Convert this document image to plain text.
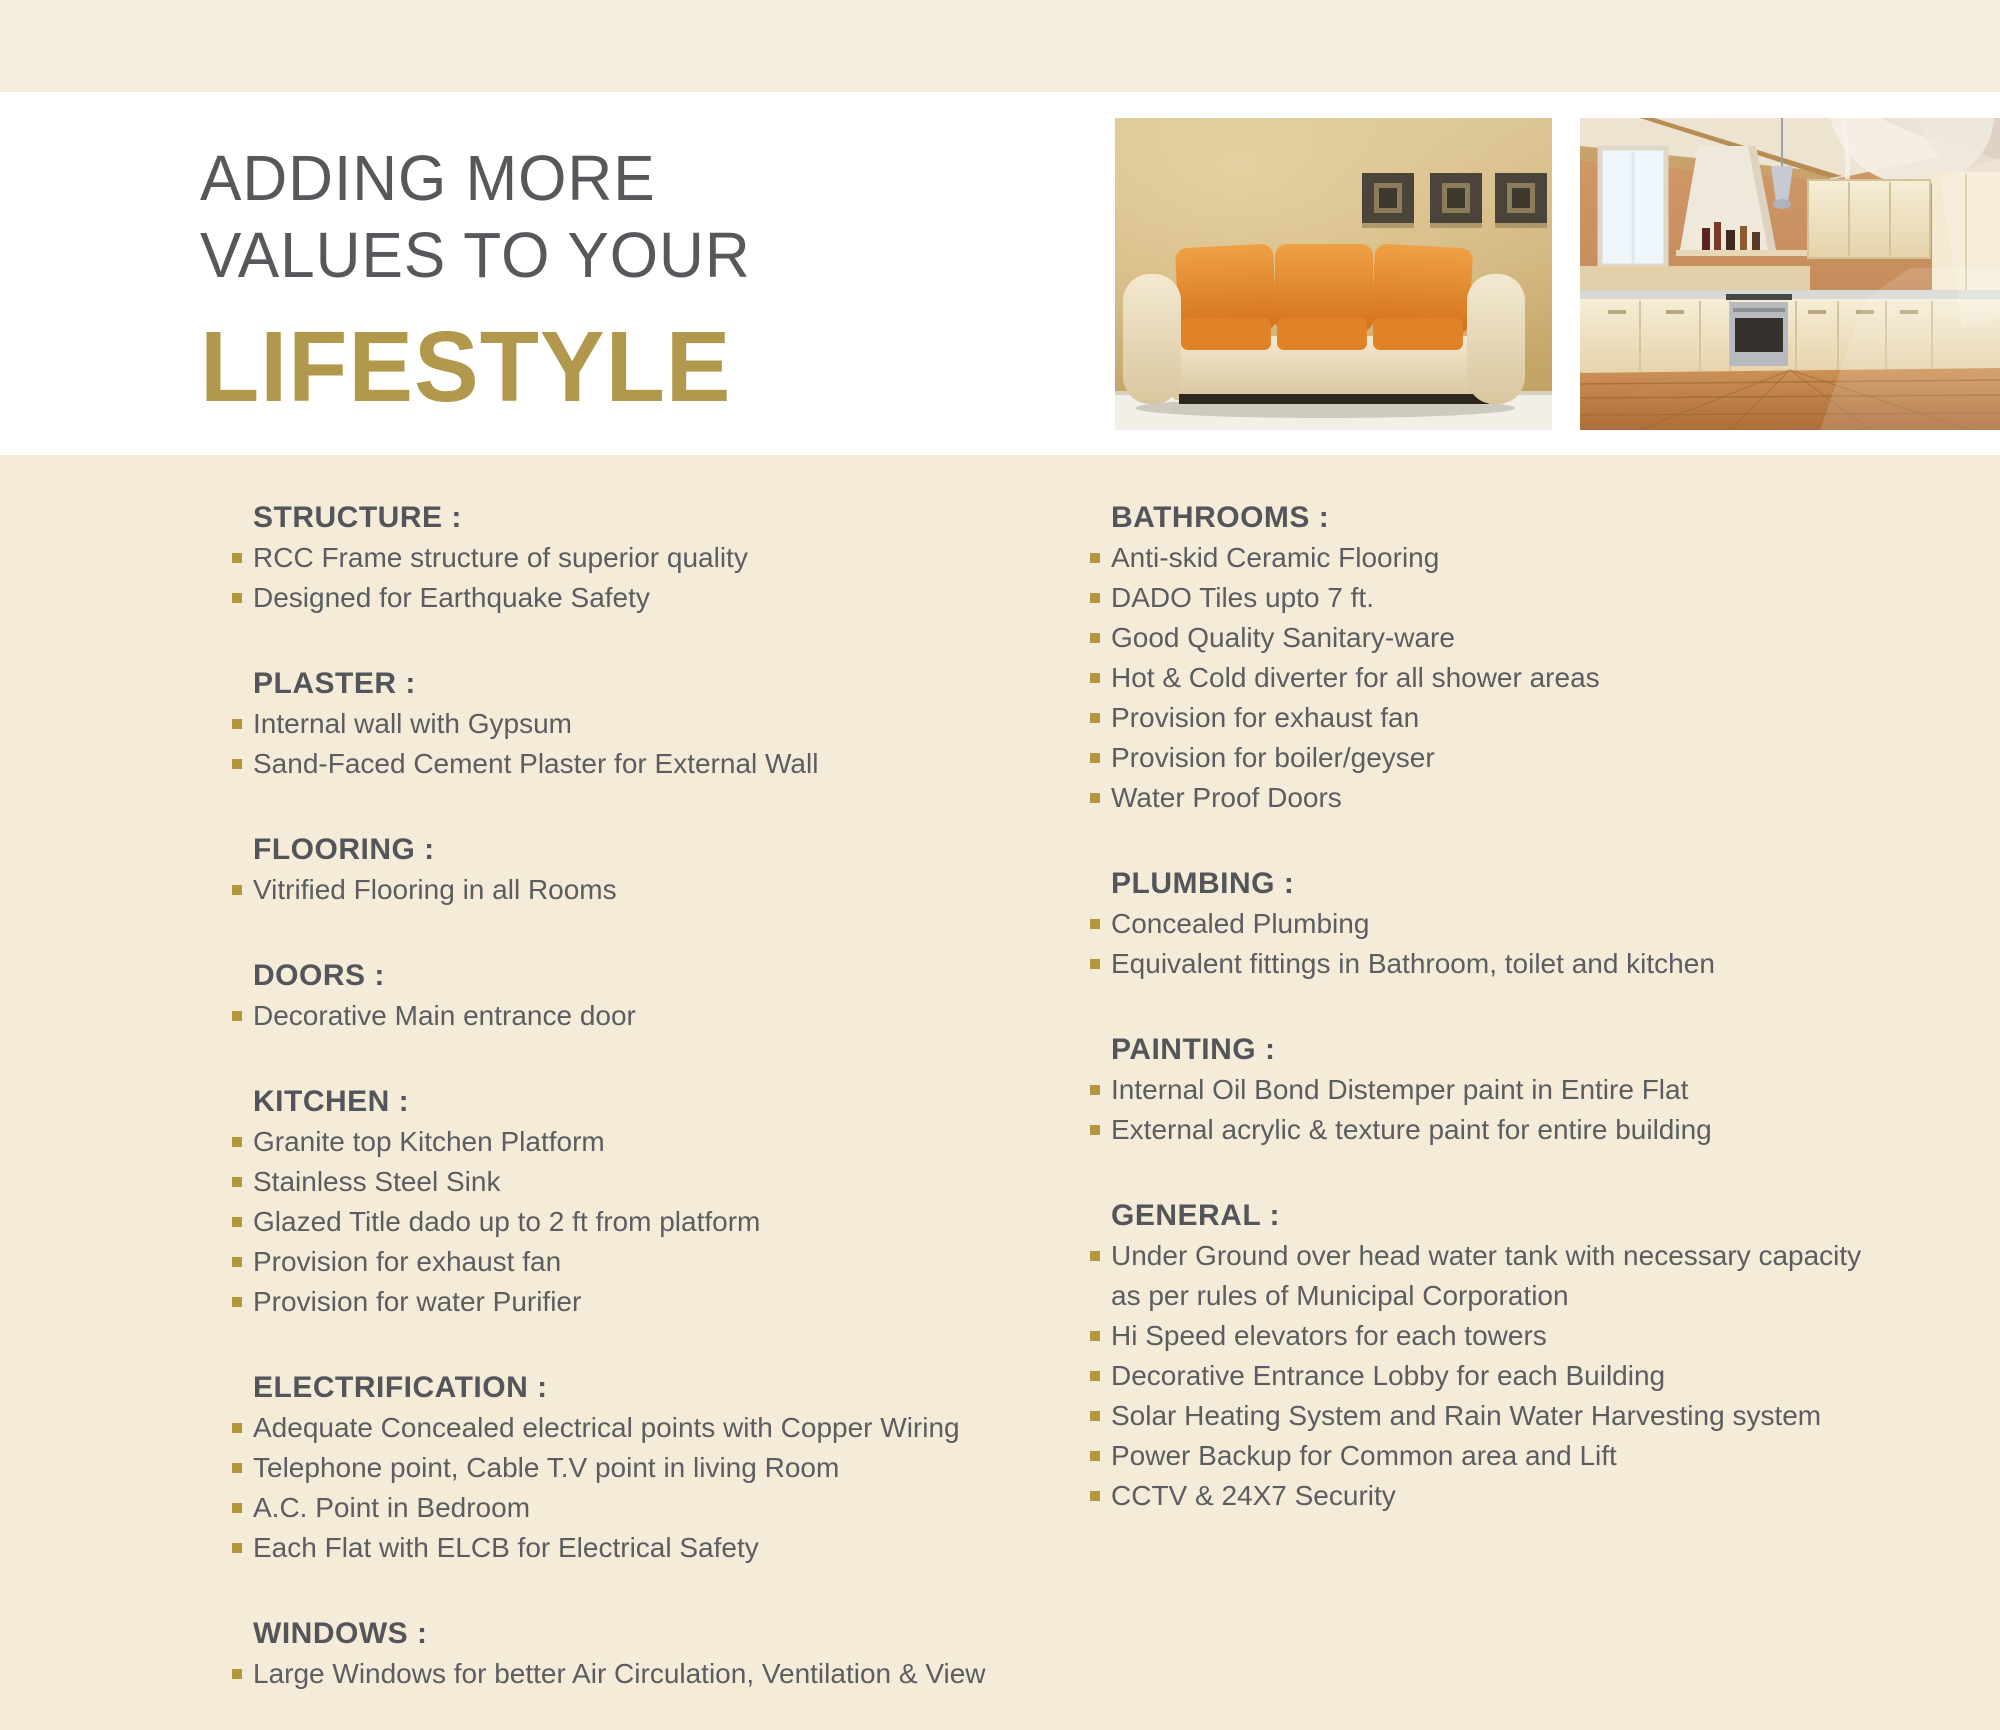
ADDING MORE
VALUES TO YOUR
LIFESTYLE
STRUCTURE :
RCC Frame structure of superior quality
Designed for Earthquake Safety
PLASTER :
Internal wall with Gypsum
Sand-Faced Cement Plaster for External Wall
FLOORING :
Vitrified Flooring in all Rooms
DOORS :
Decorative Main entrance door
KITCHEN :
Granite top Kitchen Platform
Stainless Steel Sink
Glazed Title dado up to 2 ft from platform
Provision for exhaust fan
Provision for water Purifier
ELECTRIFICATION :
Adequate Concealed electrical points with Copper Wiring
Telephone point, Cable T.V point in living Room
A.C. Point in Bedroom
Each Flat with ELCB for Electrical Safety
WINDOWS :
Large Windows for better Air Circulation, Ventilation & View
BATHROOMS :
Anti-skid Ceramic Flooring
DADO Tiles upto 7 ft.
Good Quality Sanitary-ware
Hot & Cold diverter for all shower areas
Provision for exhaust fan
Provision for boiler/geyser
Water Proof Doors
PLUMBING :
Concealed Plumbing
Equivalent fittings in Bathroom, toilet and kitchen
PAINTING :
Internal Oil Bond Distemper paint in Entire Flat
External acrylic & texture paint for entire building
GENERAL :
Under Ground over head water tank with necessary capacity as per rules of Municipal Corporation
Hi Speed elevators for each towers
Decorative Entrance Lobby for each Building
Solar Heating System and Rain Water Harvesting system
Power Backup for Common area and Lift
CCTV & 24X7 Security
